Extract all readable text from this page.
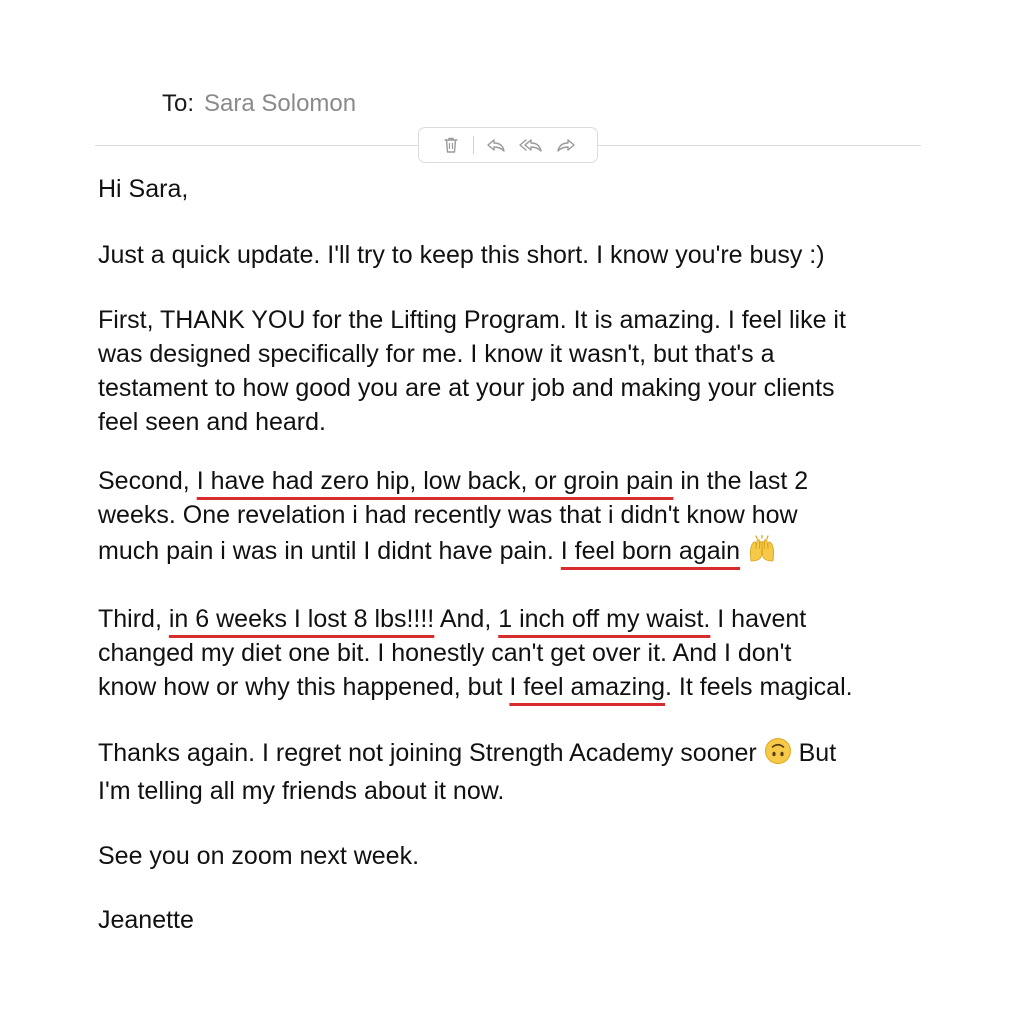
To: Sara Solomon
Hi Sara,
Just a quick update. I'll try to keep this short. I know you're busy :)
First, THANK YOU for the Lifting Program. It is amazing. I feel like it
was designed specifically for me. I know it wasn't, but that's a
testament to how good you are at your job and making your clients
feel seen and heard.
Second, I have had zero hip, low back, or groin pain in the last 2
weeks. One revelation i had recently was that i didn't know how
much pain i was in until I didnt have pain. I feel born again
Third, in 6 weeks I lost 8 lbs!!!! And, 1 inch off my waist. I havent
changed my diet one bit. I honestly can't get over it. And I don't
know how or why this happened, but I feel amazing. It feels magical.
Thanks again. I regret not joining Strength Academy sooner  But
I'm telling all my friends about it now.
See you on zoom next week.
Jeanette
